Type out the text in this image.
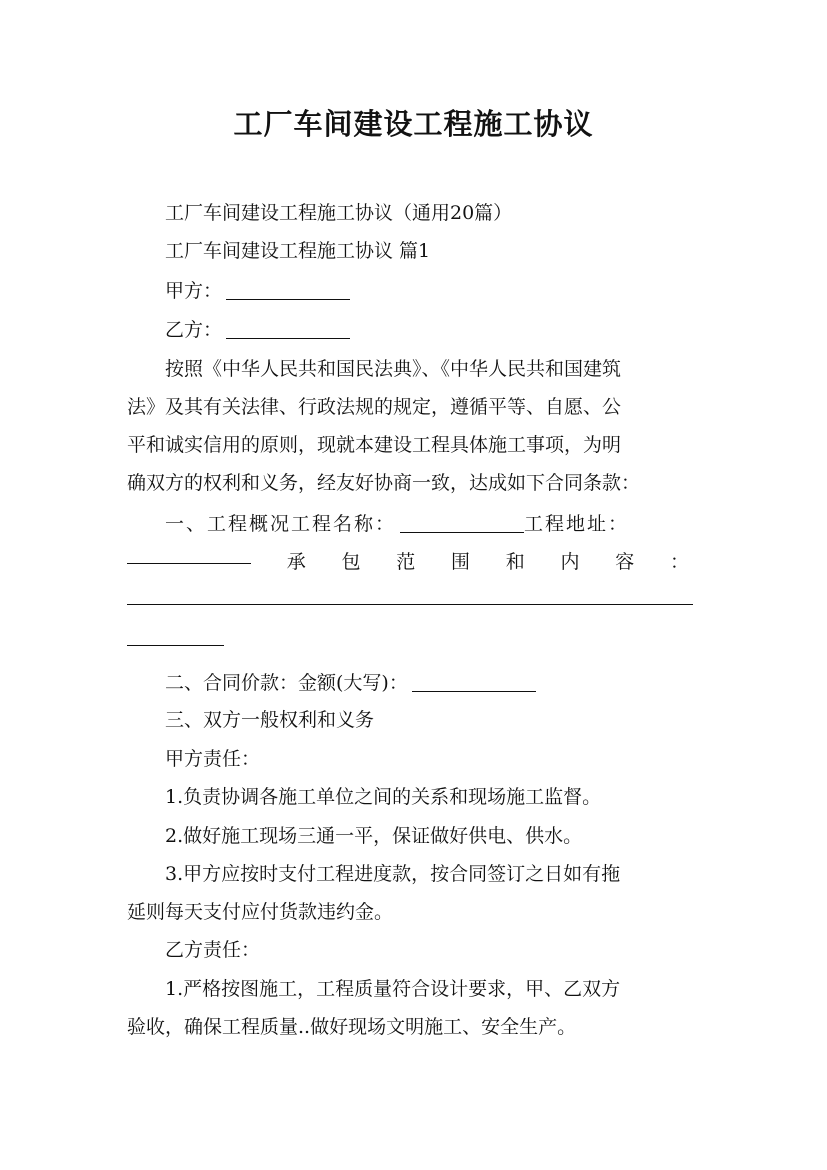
工厂车间建设工程施工协议
工厂车间建设工程施工协议（通用20篇）
工厂车间建设工程施工协议 篇1
甲方：
乙方：
按照《中华人民共和国民法典》、《中华人民共和国建筑
法》及其有关法律、行政法规的规定，遵循平等、自愿、公
平和诚实信用的原则，现就本建设工程具体施工事项，为明
确双方的权利和义务，经友好协商一致，达成如下合同条款：
一、工程概况工程名称：	工程地址：
承 包 范 围 和 内 容 ：
二、合同价款：金额(大写)：
三、双方一般权利和义务
甲方责任：
1.负责协调各施工单位之间的关系和现场施工监督。
2.做好施工现场三通一平，保证做好供电、供水。
3.甲方应按时支付工程进度款，按合同签订之日如有拖
延则每天支付应付货款违约金。
乙方责任：
1.严格按图施工，工程质量符合设计要求，甲、乙双方
验收，确保工程质量..做好现场文明施工、安全生产。
